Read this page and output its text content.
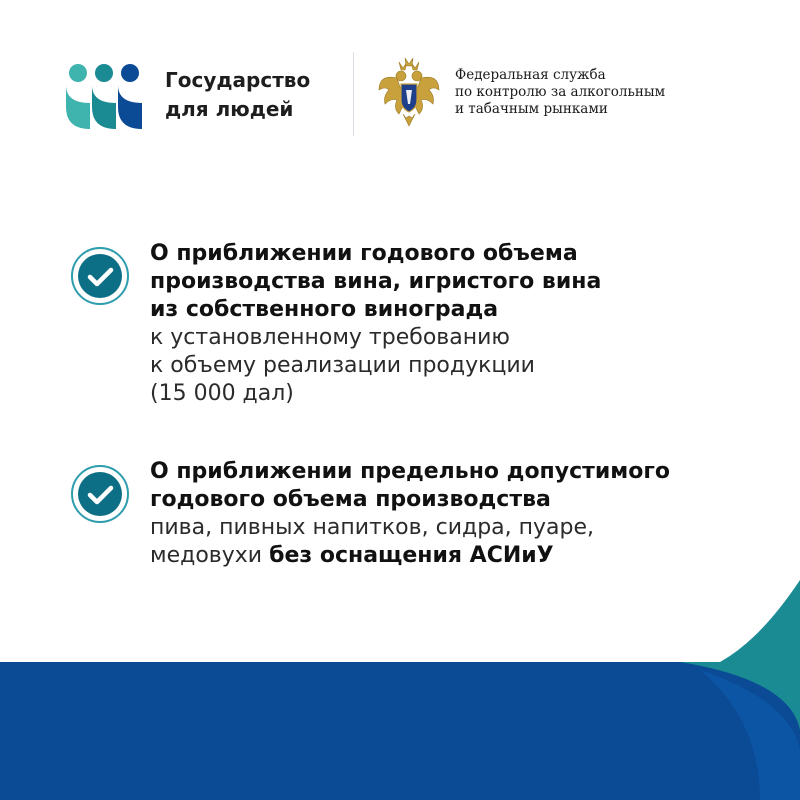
Государство
для людей
Федеральная служба
по контролю за алкогольным
и табачным рынками
О приближении годового объема
производства вина, игристого вина
из собственного винограда
к установленному требованию
к объему реализации продукции
(15 000 дал)
О приближении предельно допустимого
годового объема производства
пива, пивных напитков, сидра, пуаре,
медовухи без оснащения АСИиУ
